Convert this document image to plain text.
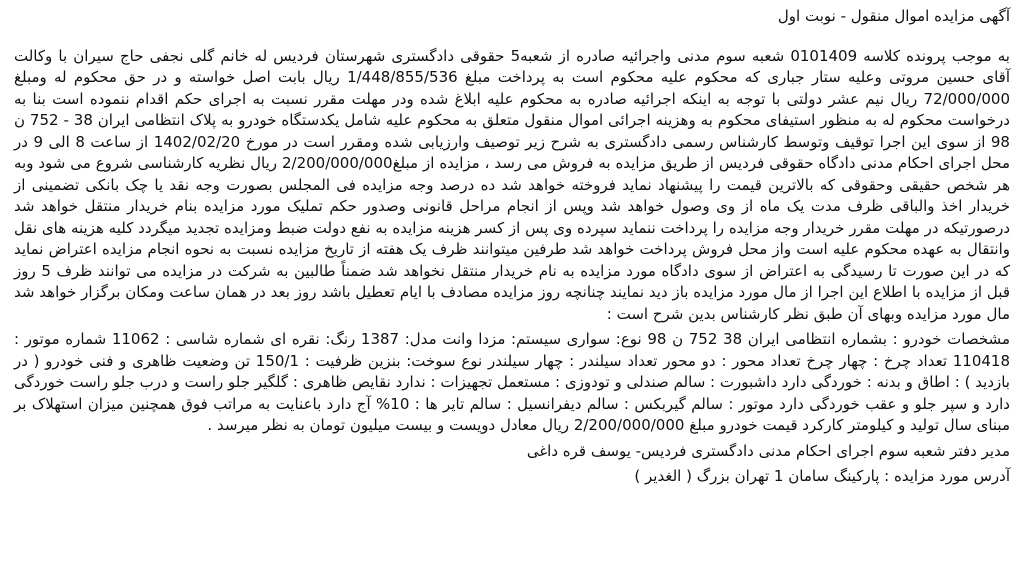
آگهی مزایده اموال منقول - نوبت اول

به موجب پرونده کلاسه 0101409 شعبه سوم مدنی واجرائیه صادره از شعبه5 حقوقی دادگستری شهرستان فردیس له خانم گلی نجفی حاج سیران با وکالت آقای حسین مروتی وعلیه ستار جباری که محکوم علیه محکوم است به پرداخت مبلغ 1/448/855/536 ریال بابت اصل خواسته و در حق محکوم له ومبلغ 72/000/000 ریال نیم عشر دولتی با توجه به اینکه اجرائیه صادره به محکوم علیه ابلاغ شده ودر مهلت مقرر نسبت به اجرای حکم اقدام ننموده است بنا به درخواست محکوم له به منظور استیفای محکوم به وهزینه اجرائی اموال منقول متعلق به محکوم علیه شامل یکدستگاه خودرو به پلاک انتظامی ایران 38 - 752 ن 98 از سوی این اجرا توقیف وتوسط کارشناس رسمی دادگستری به شرح زیر توصیف وارزیابی شده ومقرر است در مورخ 1402/02/20 از ساعت 8 الی 9 در محل اجرای احکام مدنی دادگاه حقوقی فردیس از طریق مزایده به فروش می رسد ، مزایده از مبلغ2/200/000/000 ریال نظریه کارشناسی شروع می شود وبه هر شخص حقیقی وحقوقی که بالاترین قیمت را پیشنهاد نماید فروخته خواهد شد ده درصد وجه مزایده فی المجلس بصورت وجه نقد یا چک بانکی تضمینی از خریدار اخذ والباقی ظرف مدت یک ماه از وی وصول خواهد شد وپس از انجام مراحل قانونی وصدور حکم تملیک مورد مزایده بنام خریدار منتقل خواهد شد درصورتیکه در مهلت مقرر خریدار وجه مزایده را پرداخت ننماید سپرده وی پس از کسر هزینه مزایده به نفع دولت ضبط ومزایده تجدید میگردد کلیه هزینه های نقل وانتقال به عهده محکوم علیه است واز محل فروش پرداخت خواهد شد طرفین میتوانند ظرف یک هفته از تاریخ مزایده نسبت به نحوه انجام مزایده اعتراض نماید که در این صورت تا رسیدگی به اعتراض از سوی دادگاه مورد مزایده به نام خریدار منتقل نخواهد شد ضمناً طالبین به شرکت در مزایده می توانند ظرف 5 روز قبل از مزایده با اطلاع این اجرا از مال مورد مزایده باز دید نمایند چنانچه روز مزایده مصادف با ایام تعطیل باشد روز بعد در همان ساعت ومکان برگزار خواهد شد مال مورد مزایده وبهای آن طبق نظر کارشناس بدین شرح است :

مشخصات خودرو : بشماره انتظامی ایران 38 752 ن 98 نوع: سواری سیستم: مزدا وانت مدل: 1387 رنگ: نقره ای شماره شاسی : 11062 شماره موتور : 110418 تعداد چرخ : چهار چرخ تعداد محور : دو محور تعداد سیلندر : چهار سیلندر نوع سوخت: بنزین ظرفیت : 150/1 تن وضعیت ظاهری و فنی خودرو ( در بازدید ) : اطاق و بدنه : خوردگی دارد داشبورت : سالم صندلی و تودوزی : مستعمل تجهیزات : ندارد نقایص ظاهری : گلگیر جلو راست و درب جلو راست خوردگی دارد و سپر جلو و عقب خوردگی دارد موتور : سالم گیربکس : سالم دیفرانسیل : سالم تایر ها : 10% آج دارد باعنایت به مراتب فوق همچنین میزان استهلاک بر مبنای سال تولید و کیلومتر کارکرد قیمت خودرو مبلغ 2/200/000/000 ریال معادل دویست و بیست میلیون تومان به نظر میرسد .

مدیر دفتر شعبه سوم اجرای احکام مدنی دادگستری فردیس- یوسف قره داغی
آدرس مورد مزایده : پارکینگ سامان 1 تهران بزرگ ( الغدیر )
